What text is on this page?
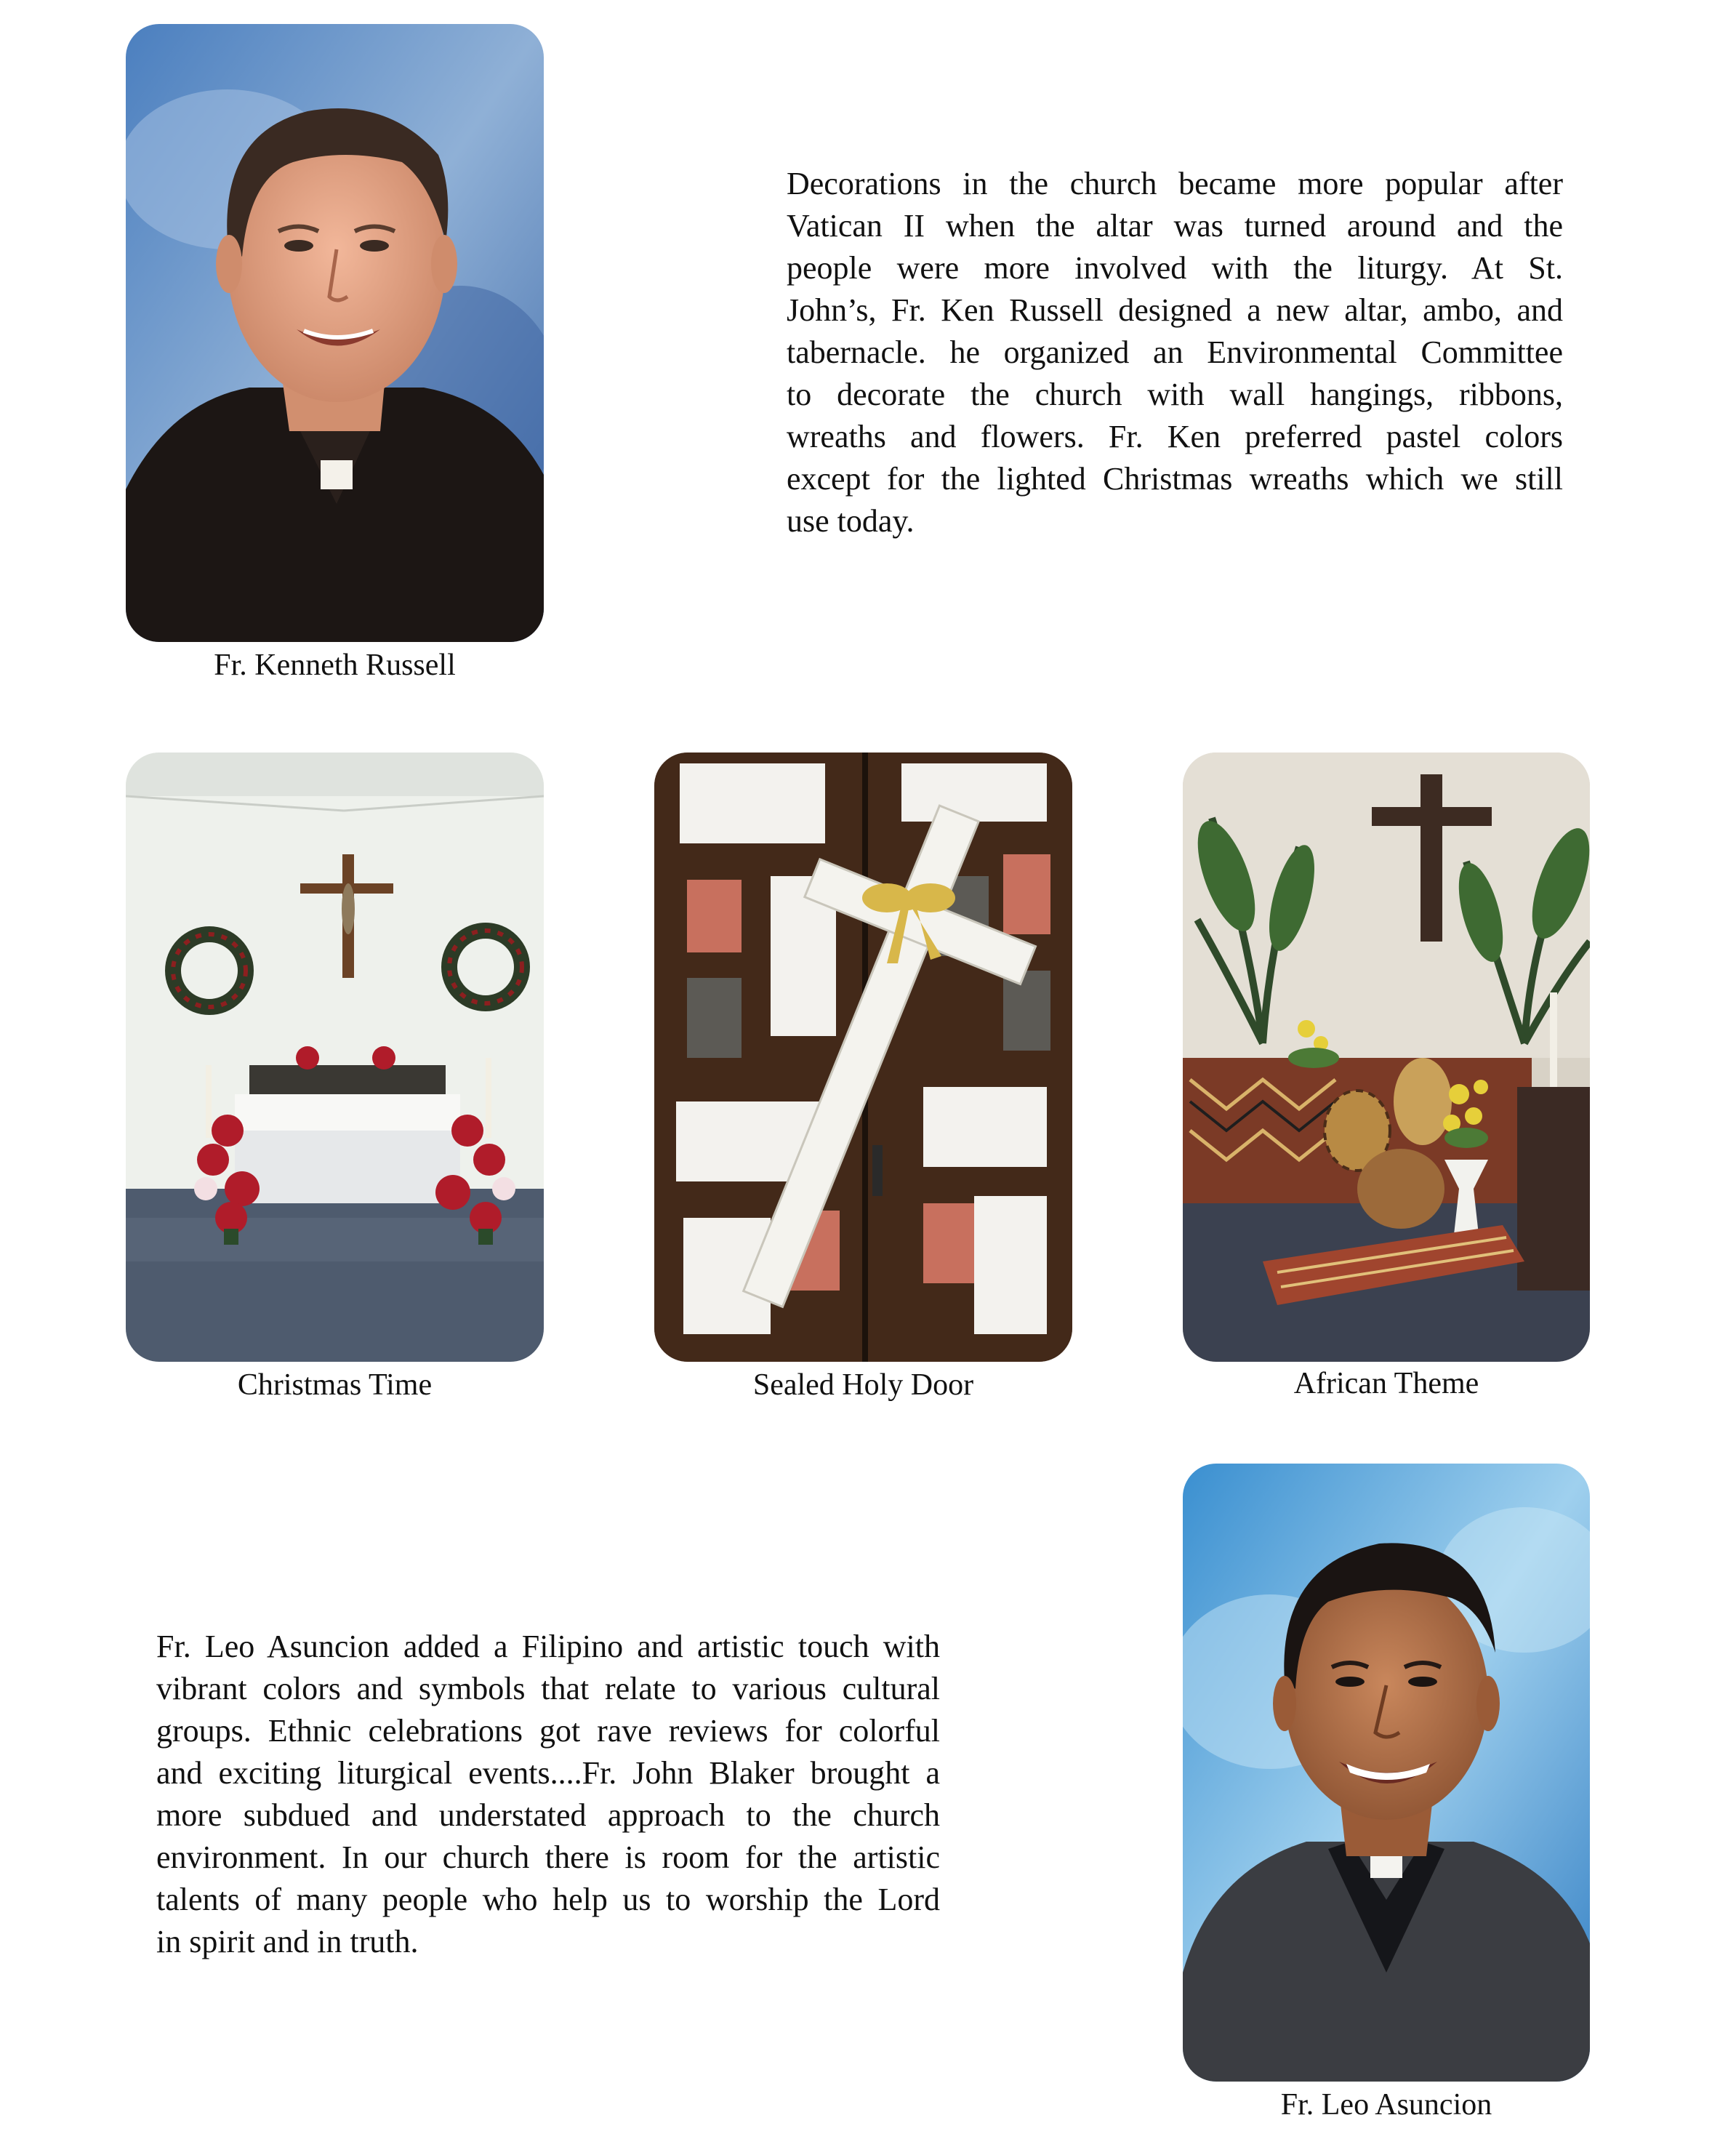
Fr. Kenneth Russell

Decorations in the church became more popular after
Vatican II when the altar was turned around and the
people were more involved with the liturgy. At St.
John’s, Fr. Ken Russell designed a new altar, ambo, and
tabernacle. he organized an Environmental Committee
to decorate the church with wall hangings, ribbons,
wreaths and flowers. Fr. Ken preferred pastel colors
except for the lighted Christmas wreaths which we still
use today.

Christmas Time	Sealed Holy Door	African Theme

Fr. Leo Asuncion added a Filipino and artistic touch with
vibrant colors and symbols that relate to various cultural
groups. Ethnic celebrations got rave reviews for colorful
and exciting liturgical events....Fr. John Blaker brought a
more subdued and understated approach to the church
environment. In our church there is room for the artistic
talents of many people who help us to worship the Lord
in spirit and in truth.

Fr. Leo Asuncion
